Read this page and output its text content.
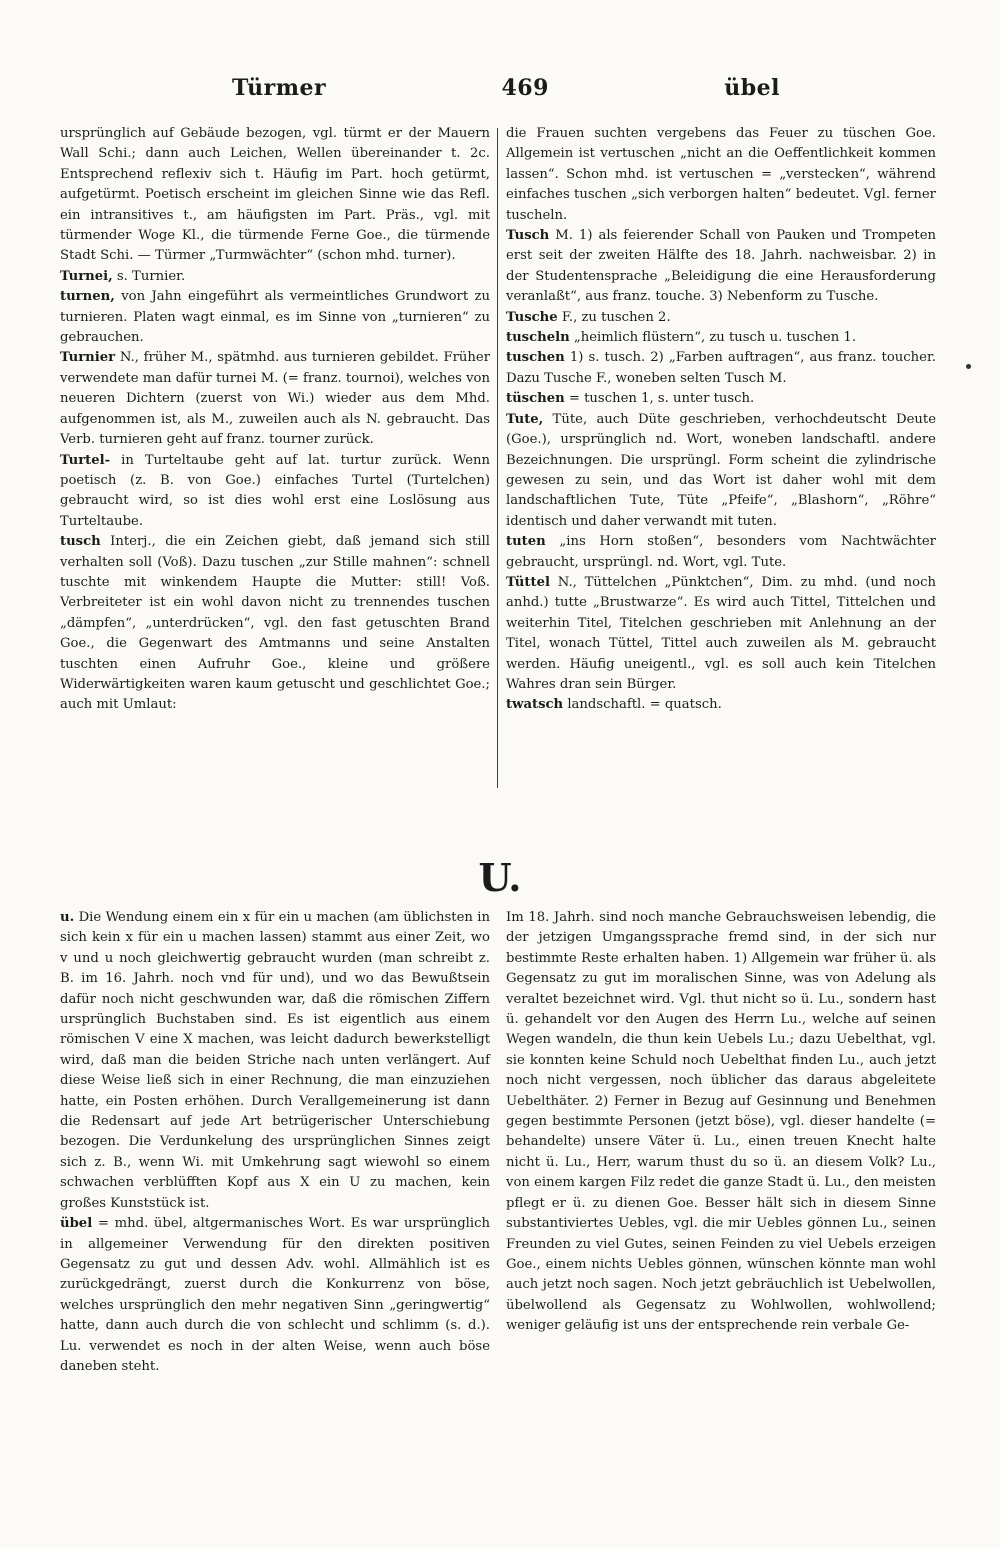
Türmer	469	übel

ursprünglich auf Gebäude bezogen, vgl. türmt er der Mauern Wall Schi.; dann auch Leichen, Wellen übereinander t. 2c. Entsprechend reflexiv sich t. Häufig im Part. hoch getürmt, aufgetürmt. Poetisch erscheint im gleichen Sinne wie das Refl. ein intransitives t., am häufigsten im Part. Präs., vgl. mit türmender Woge Kl., die türmende Ferne Goe., die türmende Stadt Schi. — Türmer „Turmwächter“ (schon mhd. turner).

Turnei, s. Turnier.

turnen, von Jahn eingeführt als vermeintliches Grundwort zu turnieren. Platen wagt einmal, es im Sinne von „turnieren“ zu gebrauchen.

Turnier N., früher M., spätmhd. aus turnieren gebildet. Früher verwendete man dafür turnei M. (= franz. tournoi), welches von neueren Dichtern (zuerst von Wi.) wieder aus dem Mhd. aufgenommen ist, als M., zuweilen auch als N. gebraucht. Das Verb. turnieren geht auf franz. tourner zurück.

Turtel- in Turteltaube geht auf lat. turtur zurück. Wenn poetisch (z. B. von Goe.) einfaches Turtel (Turtelchen) gebraucht wird, so ist dies wohl erst eine Loslösung aus Turteltaube.

tusch Interj., die ein Zeichen giebt, daß jemand sich still verhalten soll (Voß). Dazu tuschen „zur Stille mahnen“: schnell tuschte mit winkendem Haupte die Mutter: still! Voß. Verbreiteter ist ein wohl davon nicht zu trennendes tuschen „dämpfen“, „unterdrücken“, vgl. den fast getuschten Brand Goe., die Gegenwart des Amtmanns und seine Anstalten tuschten einen Aufruhr Goe., kleine und größere Widerwärtigkeiten waren kaum getuscht und geschlichtet Goe.; auch mit Umlaut:

die Frauen suchten vergebens das Feuer zu tüschen Goe. Allgemein ist vertuschen „nicht an die Oeffentlichkeit kommen lassen“. Schon mhd. ist vertuschen = „verstecken“, während einfaches tuschen „sich verborgen halten“ bedeutet. Vgl. ferner tuscheln.

Tusch M. 1) als feierender Schall von Pauken und Trompeten erst seit der zweiten Hälfte des 18. Jahrh. nachweisbar. 2) in der Studentensprache „Beleidigung die eine Herausforderung veranlaßt“, aus franz. touche. 3) Nebenform zu Tusche.

Tusche F., zu tuschen 2.

tuscheln „heimlich flüstern“, zu tusch u. tuschen 1.

tuschen 1) s. tusch. 2) „Farben auftragen“, aus franz. toucher. Dazu Tusche F., woneben selten Tusch M.

tüschen = tuschen 1, s. unter tusch.

Tute, Tüte, auch Düte geschrieben, verhochdeutscht Deute (Goe.), ursprünglich nd. Wort, woneben landschaftl. andere Bezeichnungen. Die ursprüngl. Form scheint die zylindrische gewesen zu sein, und das Wort ist daher wohl mit dem landschaftlichen Tute, Tüte „Pfeife“, „Blashorn“, „Röhre“ identisch und daher verwandt mit tuten.

tuten „ins Horn stoßen“, besonders vom Nachtwächter gebraucht, ursprüngl. nd. Wort, vgl. Tute.

Tüttel N., Tüttelchen „Pünktchen“, Dim. zu mhd. (und noch anhd.) tutte „Brustwarze“. Es wird auch Tittel, Tittelchen und weiterhin Titel, Titelchen geschrieben mit Anlehnung an der Titel, wonach Tüttel, Tittel auch zuweilen als M. gebraucht werden. Häufig uneigentl., vgl. es soll auch kein Titelchen Wahres dran sein Bürger.

twatsch landschaftl. = quatsch.

U.

u. Die Wendung einem ein x für ein u machen (am üblichsten in sich kein x für ein u machen lassen) stammt aus einer Zeit, wo v und u noch gleichwertig gebraucht wurden (man schreibt z. B. im 16. Jahrh. noch vnd für und), und wo das Bewußtsein dafür noch nicht geschwunden war, daß die römischen Ziffern ursprünglich Buchstaben sind. Es ist eigentlich aus einem römischen V eine X machen, was leicht dadurch bewerkstelligt wird, daß man die beiden Striche nach unten verlängert. Auf diese Weise ließ sich in einer Rechnung, die man einzuziehen hatte, ein Posten erhöhen. Durch Verallgemeinerung ist dann die Redensart auf jede Art betrügerischer Unterschiebung bezogen. Die Verdunkelung des ursprünglichen Sinnes zeigt sich z. B., wenn Wi. mit Umkehrung sagt wiewohl so einem schwachen verblüfften Kopf aus X ein U zu machen, kein großes Kunststück ist.

übel = mhd. übel, altgermanisches Wort. Es war ursprünglich in allgemeiner Verwendung für den direkten positiven Gegensatz zu gut und dessen Adv. wohl. Allmählich ist es zurückgedrängt, zuerst durch die Konkurrenz von böse, welches ursprünglich den mehr negativen Sinn „geringwertig“ hatte, dann auch durch die von schlecht und schlimm (s. d.). Lu. verwendet es noch in der alten Weise, wenn auch böse daneben steht.

Im 18. Jahrh. sind noch manche Gebrauchsweisen lebendig, die der jetzigen Umgangssprache fremd sind, in der sich nur bestimmte Reste erhalten haben. 1) Allgemein war früher ü. als Gegensatz zu gut im moralischen Sinne, was von Adelung als veraltet bezeichnet wird. Vgl. thut nicht so ü. Lu., sondern hast ü. gehandelt vor den Augen des Herrn Lu., welche auf seinen Wegen wandeln, die thun kein Uebels Lu.; dazu Uebelthat, vgl. sie konnten keine Schuld noch Uebelthat finden Lu., auch jetzt noch nicht vergessen, noch üblicher das daraus abgeleitete Uebelthäter. 2) Ferner in Bezug auf Gesinnung und Benehmen gegen bestimmte Personen (jetzt böse), vgl. dieser handelte (= behandelte) unsere Väter ü. Lu., einen treuen Knecht halte nicht ü. Lu., Herr, warum thust du so ü. an diesem Volk? Lu., von einem kargen Filz redet die ganze Stadt ü. Lu., den meisten pflegt er ü. zu dienen Goe. Besser hält sich in diesem Sinne substantiviertes Uebles, vgl. die mir Uebles gönnen Lu., seinen Freunden zu viel Gutes, seinen Feinden zu viel Uebels erzeigen Goe., einem nichts Uebles gönnen, wünschen könnte man wohl auch jetzt noch sagen. Noch jetzt gebräuchlich ist Uebelwollen, übelwollend als Gegensatz zu Wohlwollen, wohlwollend; weniger geläufig ist uns der entsprechende rein verbale Ge-
